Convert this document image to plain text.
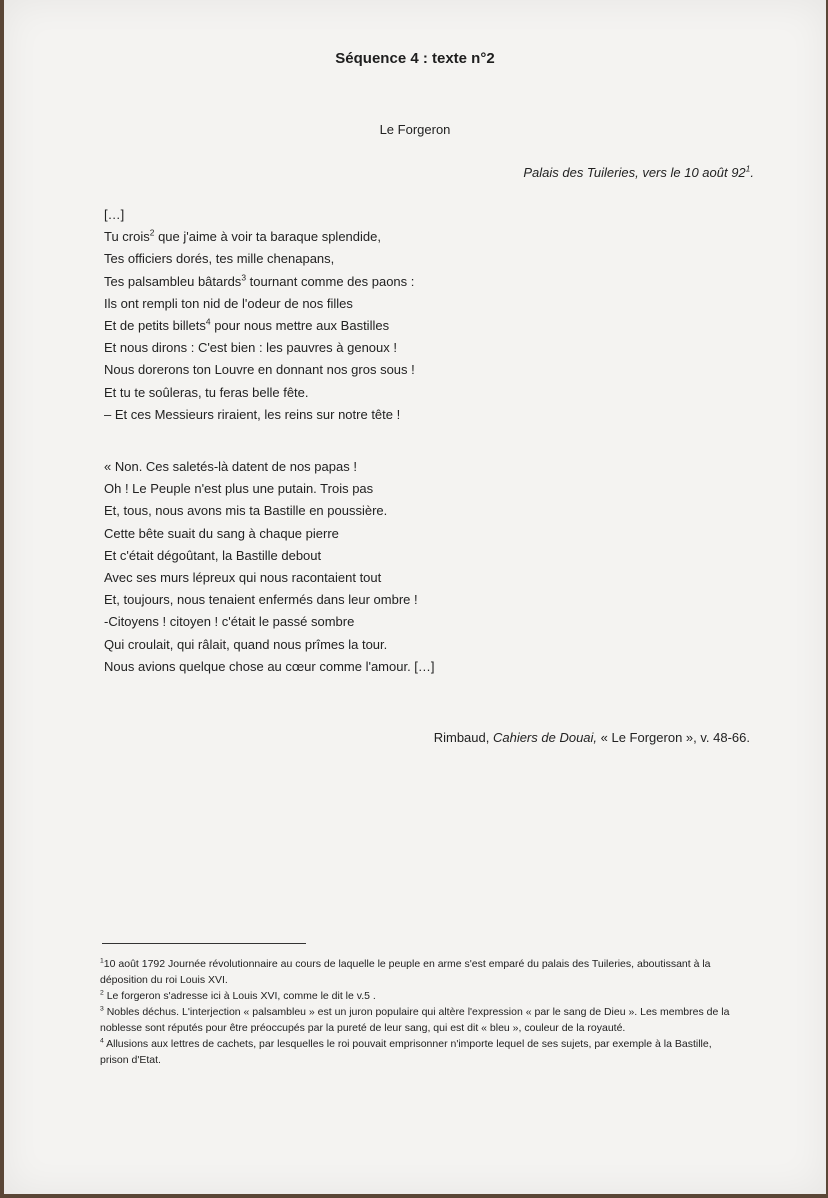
Séquence 4 : texte n°2
Le Forgeron
Palais des Tuileries, vers le 10 août $92^1$.
[…]
Tu crois$^2$ que j'aime à voir ta baraque splendide,
Tes officiers dorés, tes mille chenapans,
Tes palsambleu bâtards$^3$ tournant comme des paons :
Ils ont rempli ton nid de l'odeur de nos filles
Et de petits billets$^4$ pour nous mettre aux Bastilles
Et nous dirons : C'est bien : les pauvres à genoux !
Nous dorerons ton Louvre en donnant nos gros sous !
Et tu te soûleras, tu feras belle fête.
– Et ces Messieurs riraient, les reins sur notre tête !
« Non. Ces saletés-là datent de nos papas !
Oh ! Le Peuple n'est plus une putain. Trois pas
Et, tous, nous avons mis ta Bastille en poussière.
Cette bête suait du sang à chaque pierre
Et c'était dégoûtant, la Bastille debout
Avec ses murs lépreux qui nous racontaient tout
Et, toujours, nous tenaient enfermés dans leur ombre !
-Citoyens ! citoyen ! c'était le passé sombre
Qui croulait, qui râlait, quand nous prîmes la tour.
Nous avions quelque chose au cœur comme l'amour. […]
Rimbaud, Cahiers de Douai, « Le Forgeron », v. 48-66.

$^1$10 août 1792 Journée révolutionnaire au cours de laquelle le peuple en arme s'est emparé du palais des Tuileries, aboutissant à la déposition du roi Louis XVI.

$^2$ Le forgeron s'adresse ici à Louis XVI, comme le dit le v.5 .

$^3$ Nobles déchus. L'interjection « palsambleu » est un juron populaire qui altère l'expression « par le sang de Dieu ». Les membres de la noblesse sont réputés pour être préoccupés par la pureté de leur sang, qui est dit « bleu », couleur de la royauté.

$^4$ Allusions aux lettres de cachets, par lesquelles le roi pouvait emprisonner n'importe lequel de ses sujets, par exemple à la Bastille, prison d'Etat.
